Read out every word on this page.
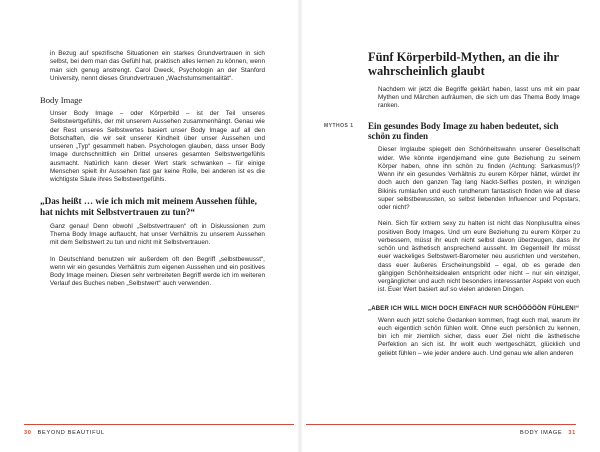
in Bezug auf spezifische Situationen ein starkes Grundvertrauen in sich selbst, bei dem man das Gefühl hat, praktisch alles lernen zu können, wenn man sich genug anstrengt. Carol Dweck, Psychologin an der Stanford University, nennt dieses Grundvertrauen „Wachstumsmentalität“.

Body Image

Unser Body Image – oder Körperbild – ist der Teil unseres Selbstwertgefühls, der mit unserem Aussehen zusammenhängt. Genau wie der Rest unseres Selbstwertes basiert unser Body Image auf all den Botschaften, die wir seit unserer Kindheit über unser Aussehen und unseren „Typ“ gesammelt haben. Psychologen glauben, dass unser Body Image durchschnittlich ein Drittel unseres gesamten Selbstwertgefühls ausmacht. Natürlich kann dieser Wert stark schwanken – für einige Menschen spielt ihr Aussehen fast gar keine Rolle, bei anderen ist es die wichtigste Säule ihres Selbstwertgefühls.

„Das heißt … wie ich mich mit meinem Aussehen fühle, hat nichts mit Selbstvertrauen zu tun?“

Ganz genau! Denn obwohl „Selbstvertrauen“ oft in Diskussionen zum Thema Body Image auftaucht, hat unser Verhältnis zu unserem Aussehen mit dem Selbstwert zu tun und nicht mit Selbstvertrauen.

In Deutschland benutzen wir außerdem oft den Begriff „selbstbewusst“, wenn wir ein gesundes Verhältnis zum eigenen Aussehen und ein positives Body Image meinen. Diesen sehr verbreiteten Begriff werde ich im weiteren Verlauf des Buches neben „Selbstwert“ auch verwenden.

30 BEYOND BEAUTIFUL
Fünf Körperbild-Mythen, an die ihr wahrscheinlich glaubt

Nachdem wir jetzt die Begriffe geklärt haben, lasst uns mit ein paar Mythen und Märchen aufräumen, die sich um das Thema Body Image ranken.

MYTHOS 1	Ein gesundes Body Image zu haben bedeutet, sich schön zu finden

Dieser Irrglaube spiegelt den Schönheitswahn unserer Gesellschaft wider. Wie könnte irgendjemand eine gute Beziehung zu seinem Körper haben, ohne ihn schön zu finden (Achtung: Sarkasmus!)? Wenn ihr ein gesundes Verhältnis zu eurem Körper hättet, würdet ihr doch auch den ganzen Tag lang Nackt-Selfies posten, in winzigen Bikinis rumlaufen und euch rundherum fantastisch finden wie all diese super selbstbewussten, so selbst liebenden Influencer und Popstars, oder nicht?

Nein. Sich für extrem sexy zu halten ist nicht das Nonplusultra eines positiven Body Images. Und um eure Beziehung zu eurem Körper zu verbessern, müsst ihr euch nicht selbst davon überzeugen, dass ihr schön und ästhetisch ansprechend ausseht. Im Gegenteil! Ihr müsst euer wackeliges Selbstwert-Barometer neu ausrichten und verstehen, dass euer äußeres Erscheinungsbild – egal, ob es gerade den gängigen Schönheitsidealen entspricht oder nicht – nur ein einziger, vergänglicher und auch nicht besonders interessanter Aspekt von euch ist. Euer Wert basiert auf so vielen anderen Dingen.

„ABER ICH WILL MICH DOCH EINFACH NUR SCHÖÖÖÖÖN FÜHLEN!“

Wenn euch jetzt solche Gedanken kommen, fragt euch mal, warum ihr euch eigentlich schön fühlen wollt. Ohne euch persönlich zu kennen, bin ich mir ziemlich sicher, dass euer Ziel nicht die ästhetische Perfektion an sich ist. Ihr wollt euch wertgeschätzt, glücklich und geliebt fühlen – wie jeder andere auch. Und genau wie allen anderen

BODY IMAGE 31
